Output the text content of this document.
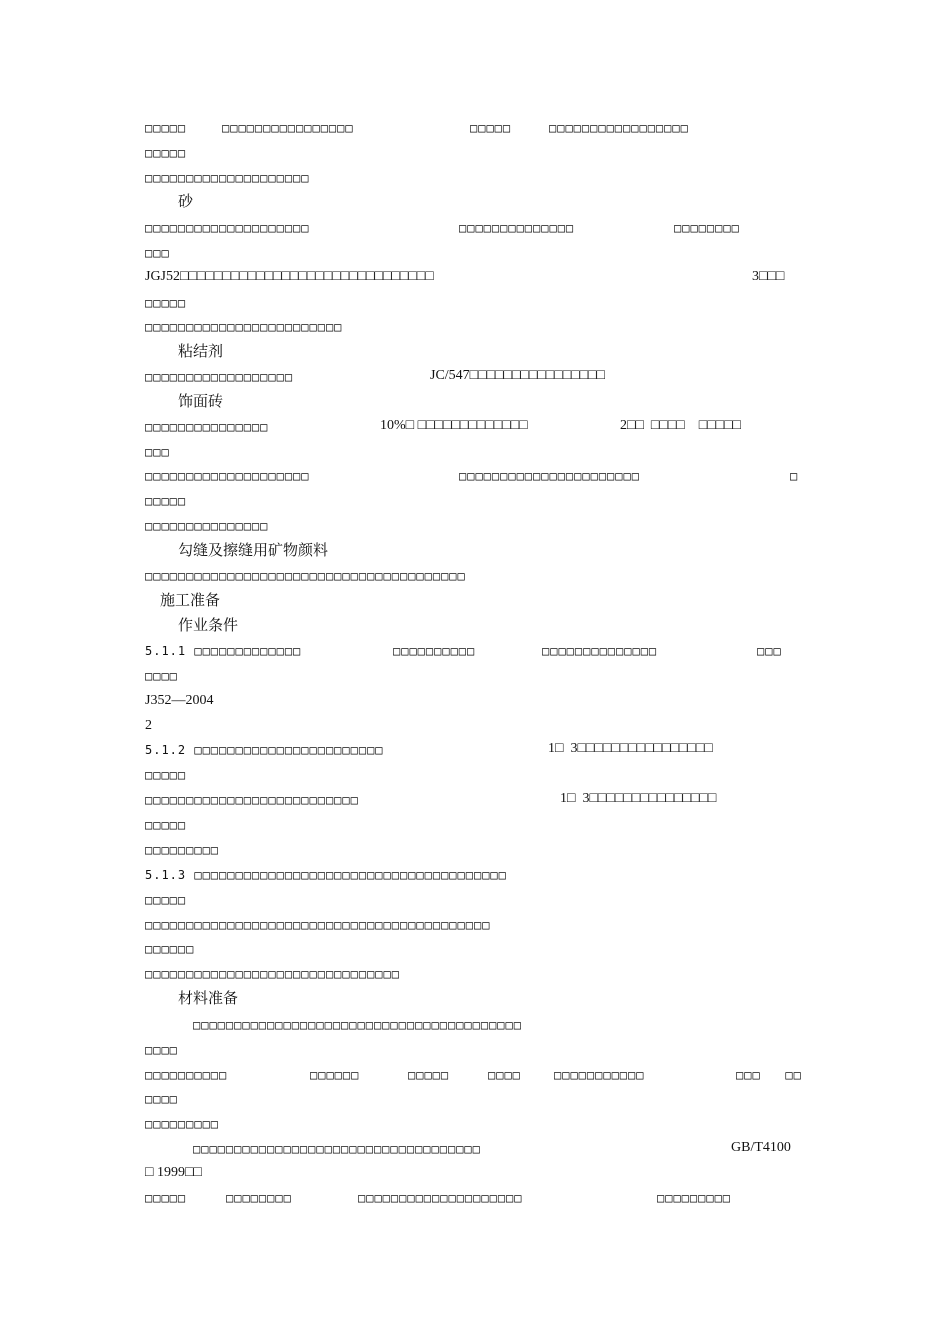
□□□□□	□□□□□□□□□□□□□□□□	□□□□□	□□□□□□□□□□□□□□□□□
□□□□□
□□□□□□□□□□□□□□□□□□□□
砂
□□□□□□□□□□□□□□□□□□□□	□□□□□□□□□□□□□□	□□□□□□□□
□□□
JGJ52□□□□□□□□□□□□□□□□□□□□□□□□□□□□□□	3□□□
□□□□□
□□□□□□□□□□□□□□□□□□□□□□□□
粘结剂
□□□□□□□□□□□□□□□□□□	JC/547□□□□□□□□□□□□□□□□
饰面砖
□□□□□□□□□□□□□□□	10%□ □□□□□□□□□□□□□	2□□  □□□□    □□□□□
□□□
□□□□□□□□□□□□□□□□□□□□	□□□□□□□□□□□□□□□□□□□□□□	□
□□□□□
□□□□□□□□□□□□□□□
勾缝及擦缝用矿物颜料
□□□□□□□□□□□□□□□□□□□□□□□□□□□□□□□□□□□□□□□
施工准备
作业条件
5.1.1 □□□□□□□□□□□□□	□□□□□□□□□□	□□□□□□□□□□□□□□	□□□
□□□□
J352—2004
2
5.1.2 □□□□□□□□□□□□□□□□□□□□□□□	1□  3□□□□□□□□□□□□□□□□
□□□□□
□□□□□□□□□□□□□□□□□□□□□□□□□□	1□  3□□□□□□□□□□□□□□□
□□□□□
□□□□□□□□□
5.1.3 □□□□□□□□□□□□□□□□□□□□□□□□□□□□□□□□□□□□□□
□□□□□
□□□□□□□□□□□□□□□□□□□□□□□□□□□□□□□□□□□□□□□□□□
□□□□□□
□□□□□□□□□□□□□□□□□□□□□□□□□□□□□□□
材料准备
□□□□□□□□□□□□□□□□□□□□□□□□□□□□□□□□□□□□□□□□
□□□□
□□□□□□□□□□	□□□□□□	□□□□□	□□□□	□□□□□□□□□□□	□□□   □□
□□□□
□□□□□□□□□
□□□□□□□□□□□□□□□□□□□□□□□□□□□□□□□□□□□	GB/T4100
□ 1999□□
□□□□□	□□□□□□□□	□□□□□□□□□□□□□□□□□□□□	□□□□□□□□□
